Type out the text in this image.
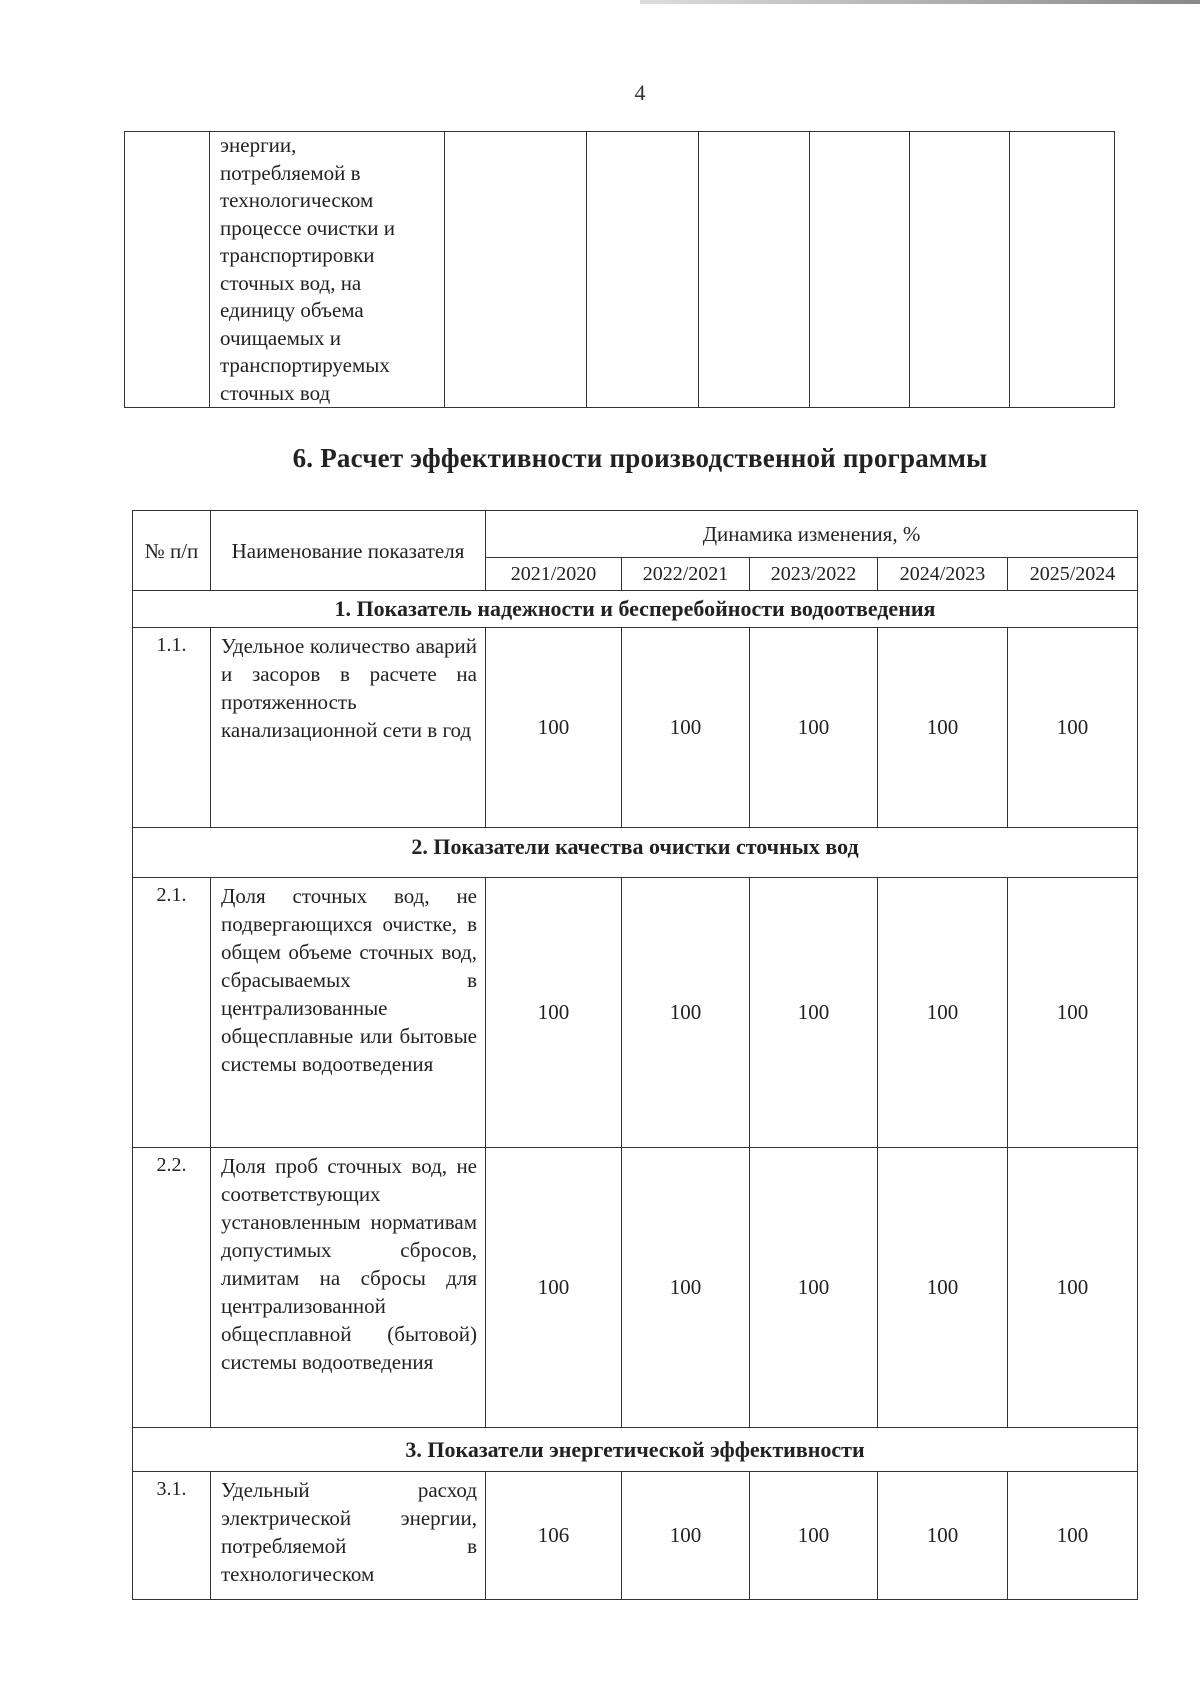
4

энергии,
потребляемой в
технологическом
процессе очистки и
транспортировки
сточных вод, на
единицу объема
очищаемых и
транспортируемых
сточных вод

6. Расчет эффективности производственной программы
№ п/п	Наименование показателя	Динамика изменения, %				
		2021/2020	2022/2021	2023/2022	2024/2023	2025/2024
1. Показатель надежности и бесперебойности водоотведения						
1.1.	Удельное количество аварий и засоров в расчете на протяженность канализационной сети в год	100	100	100	100	100
2. Показатели качества очистки сточных вод						
2.1.	Доля сточных вод, не подвергающихся очистке, в общем объеме сточных вод, сбрасываемых в централизованные общесплавные или бытовые системы водоотведения	100	100	100	100	100
2.2.	Доля проб сточных вод, не соответствующих установленным нормативам допустимых сбросов, лимитам на сбросы для централизованной общесплавной (бытовой) системы водоотведения	100	100	100	100	100
3. Показатели энергетической эффективности						
3.1.	Удельный расход электрической энергии, потребляемой в технологическом	106	100	100	100	100
